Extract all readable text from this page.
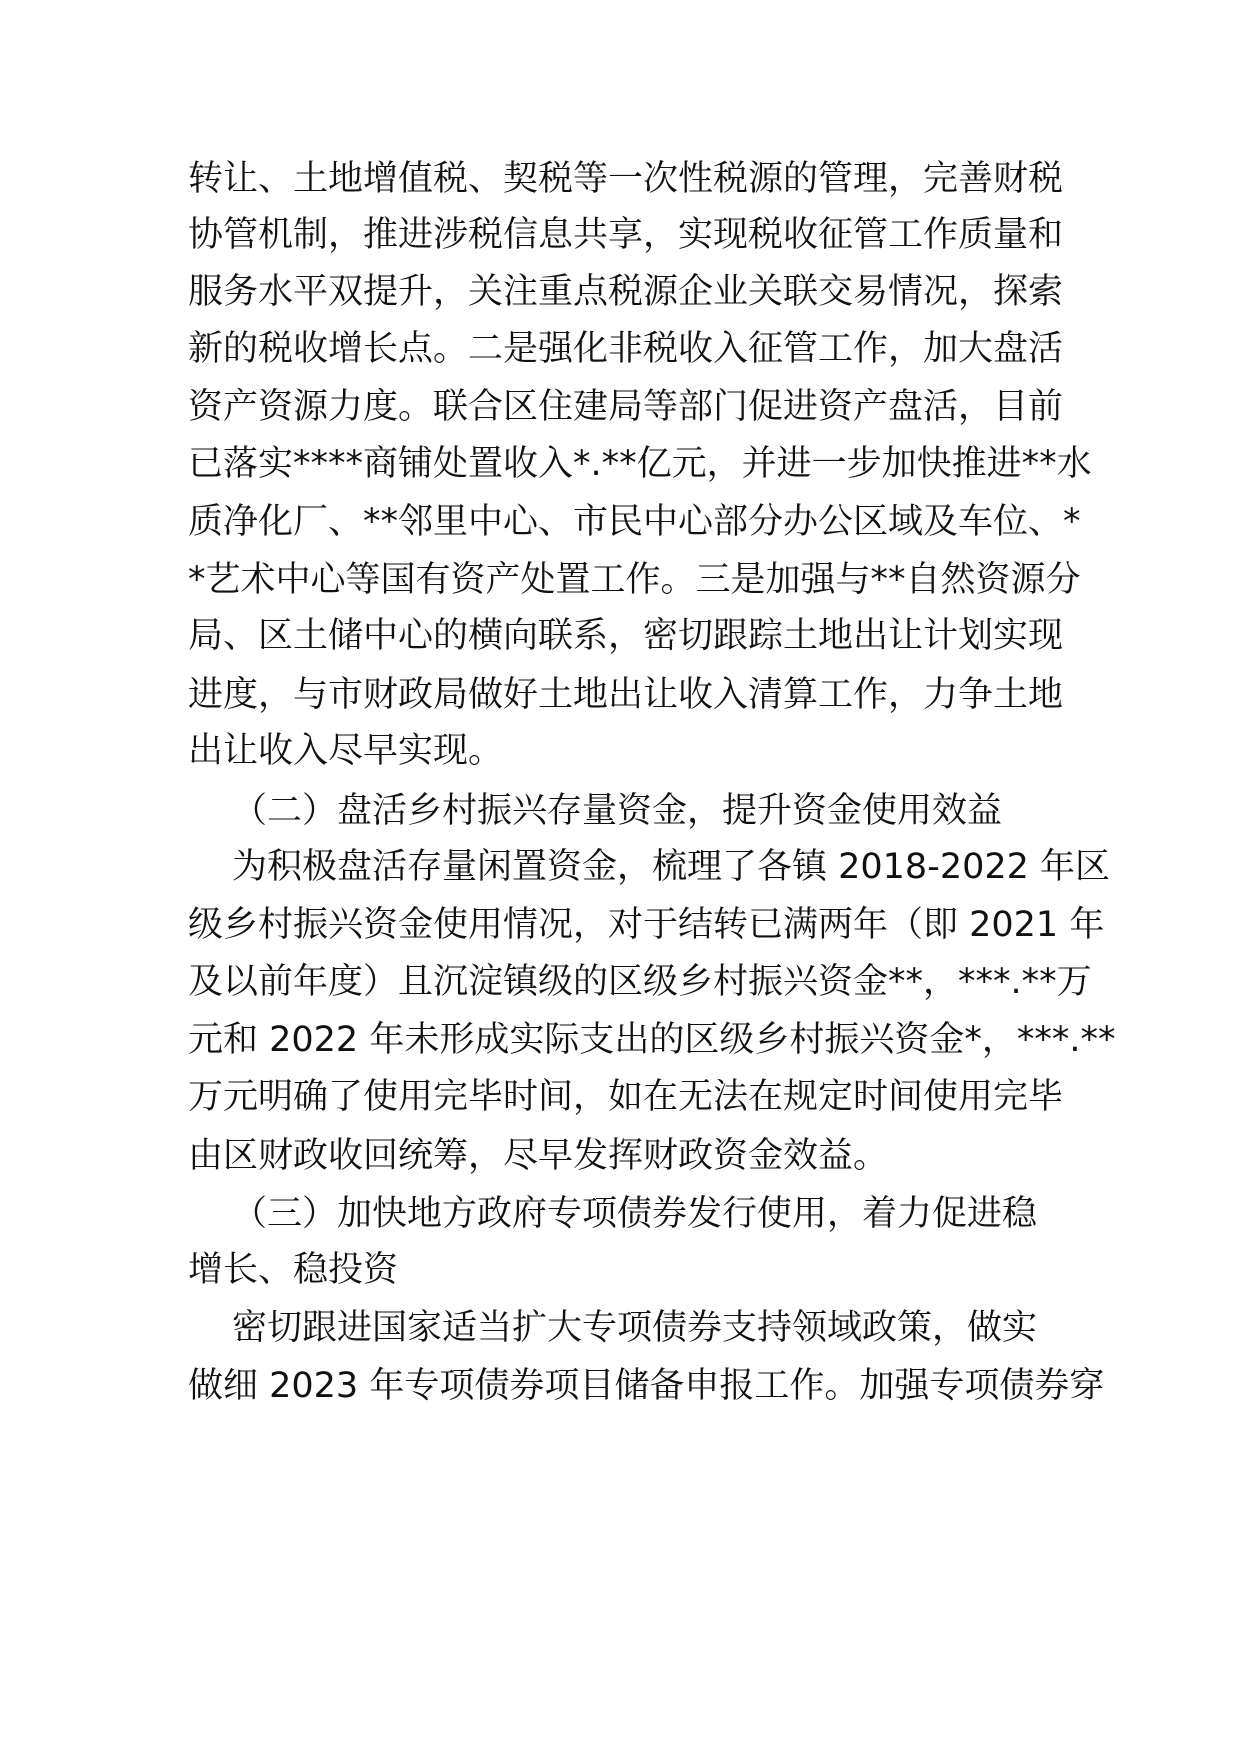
转让、土地增值税、契税等一次性税源的管理，完善财税
协管机制，推进涉税信息共享，实现税收征管工作质量和
服务水平双提升，关注重点税源企业关联交易情况，探索
新的税收增长点。二是强化非税收入征管工作，加大盘活
资产资源力度。联合区住建局等部门促进资产盘活，目前
已落实****商铺处置收入*.**亿元，并进一步加快推进**水
质净化厂、**邻里中心、市民中心部分办公区域及车位、*
*艺术中心等国有资产处置工作。三是加强与**自然资源分
局、区土储中心的横向联系，密切跟踪土地出让计划实现
进度，与市财政局做好土地出让收入清算工作，力争土地
出让收入尽早实现。
（二）盘活乡村振兴存量资金，提升资金使用效益
为积极盘活存量闲置资金，梳理了各镇 2018-2022 年区
级乡村振兴资金使用情况，对于结转已满两年（即 2021 年
及以前年度）且沉淀镇级的区级乡村振兴资金**，***.**万
元和 2022 年未形成实际支出的区级乡村振兴资金*，***.**
万元明确了使用完毕时间，如在无法在规定时间使用完毕
由区财政收回统筹，尽早发挥财政资金效益。
（三）加快地方政府专项债券发行使用，着力促进稳
增长、稳投资
密切跟进国家适当扩大专项债券支持领域政策，做实
做细 2023 年专项债券项目储备申报工作。加强专项债券穿
